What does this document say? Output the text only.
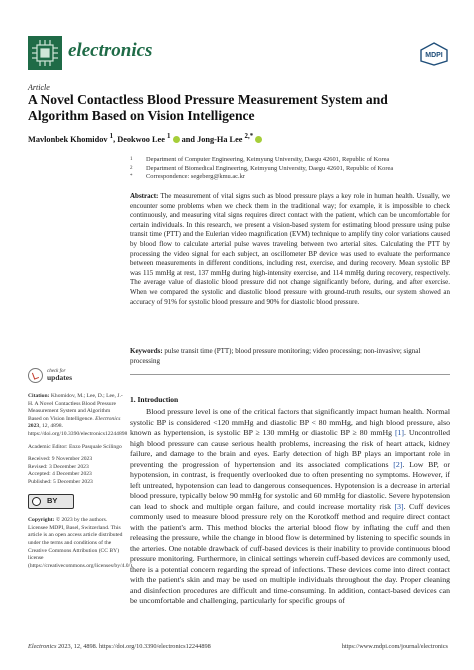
electronics	MDPI
Article
A Novel Contactless Blood Pressure Measurement System and Algorithm Based on Vision Intelligence
Mavlonbek Khomidov $^1$, Deokwoo Lee $^1$  and Jong-Ha Lee $^{2,*}$
1 Department of Computer Engineering, Keimyung University, Daegu 42601, Republic of Korea
2 Department of Biomedical Engineering, Keimyung University, Daegu 42601, Republic of Korea
* Correspondence: segeberg@kmu.ac.kr
Abstract: The measurement of vital signs such as blood pressure plays a key role in human health. Usually, we encounter some problems when we check them in the traditional way; for example, it is impossible to check continuously, and measuring vital signs requires direct contact with the patient, which can be uncomfortable for certain individuals. In this research, we present a vision-based system for estimating blood pressure using pulse transit time (PTT) and the Eulerian video magnification (EVM) technique to amplify tiny color variations caused by blood flow to calculate arterial pulse waves traveling between two arterial sites. Calculating the PTT by processing the video signal for each subject, an oscillometer BP device was used to evaluate the performance between measurements in different conditions, including rest, exercise, and during recovery. Mean systolic BP was 115 mmHg at rest, 137 mmHg during high-intensity exercise, and 114 mmHg during recovery, respectively. The average value of diastolic blood pressure did not change significantly before, during, and after exercise. When we compared the systolic and diastolic blood pressure with ground-truth results, our system showed an accuracy of 91% for systolic blood pressure and 90% for diastolic blood pressure.
Keywords: pulse transit time (PTT); blood pressure monitoring; video processing; non-invasive; signal processing
check for
updates
Citation: Khomidov, M.; Lee, D.; Lee, J.-H. A Novel Contactless Blood Pressure Measurement System and Algorithm Based on Vision Intelligence. Electronics 2023, 12, 4898. https://doi.org/10.3390/electronics12244898
Academic Editor: Enzo Pasquale Scilingo
Received: 9 November 2023
Revised: 3 December 2023
Accepted: 4 December 2023
Published: 5 December 2023
BY
Copyright: © 2023 by the authors. Licensee MDPI, Basel, Switzerland. This article is an open access article distributed under the terms and conditions of the Creative Commons Attribution (CC BY) license (https://creativecommons.org/licenses/by/4.0/).
1. Introduction
Blood pressure level is one of the critical factors that significantly impact human health. Normal systolic BP is considered <120 mmHg and diastolic BP < 80 mmHg, and high blood pressure, also known as hypertension, is systolic BP ≥ 130 mmHg or diastolic BP ≥ 80 mmHg [1]. Uncontrolled high blood pressure can cause serious health problems, increasing the risk of heart attack, kidney failure, and damage to the brain and eyes. Early detection of high BP plays an important role in preventing the progression of hypertension and its associated complications [2]. Low BP, or hypotension, in contrast, is frequently overlooked due to often presenting no symptoms. However, if left untreated, hypotension can lead to dangerous consequences. Hypotension is a decrease in arterial blood pressure, typically below 90 mmHg for systolic and 60 mmHg for diastolic. Severe hypotension can lead to shock and multiple organ failure, and could increase mortality risk [3]. Cuff devices commonly used to measure blood pressure rely on the Korotkoff method and require direct contact with the patient's arm. This method blocks the arterial blood flow by inflating the cuff and then releasing the pressure, while the change in blood flow is determined by listening to specific sounds in the arteries. One notable drawback of cuff-based devices is their inability to provide continuous blood pressure monitoring. Furthermore, in clinical settings wherein cuff-based devices are commonly used, there is a potential concern regarding the spread of infections. These devices come into direct contact with the patient's skin and may be used on multiple individuals throughout the day. Proper cleaning and disinfection procedures are difficult and time-consuming. In addition, contact-based devices can be uncomfortable and challenging, particularly for specific groups of
Electronics 2023, 12, 4898. https://doi.org/10.3390/electronics12244898	https://www.mdpi.com/journal/electronics
